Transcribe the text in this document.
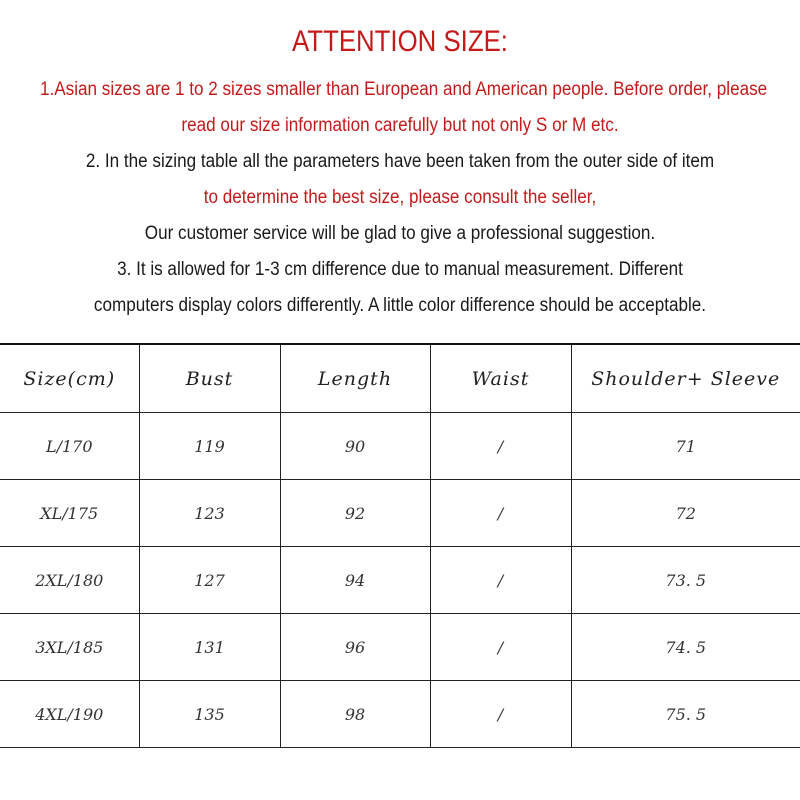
ATTENTION SIZE:
1.Asian sizes are 1 to 2 sizes smaller than European and American people. Before order, please
read our size information carefully but not only S or M etc.
2. In the sizing table all the parameters have been taken from the outer side of item
to determine the best size, please consult the seller,
Our customer service will be glad to give a professional suggestion.
3. It is allowed for 1-3 cm difference due to manual measurement. Different
computers display colors differently. A little color difference should be acceptable.
Size(cm)	Bust	Length	Waist	Shoulder+ Sleeve
L/170	119	90	/	71
XL/175	123	92	/	72
2XL/180	127	94	/	73. 5
3XL/185	131	96	/	74. 5
4XL/190	135	98	/	75. 5
